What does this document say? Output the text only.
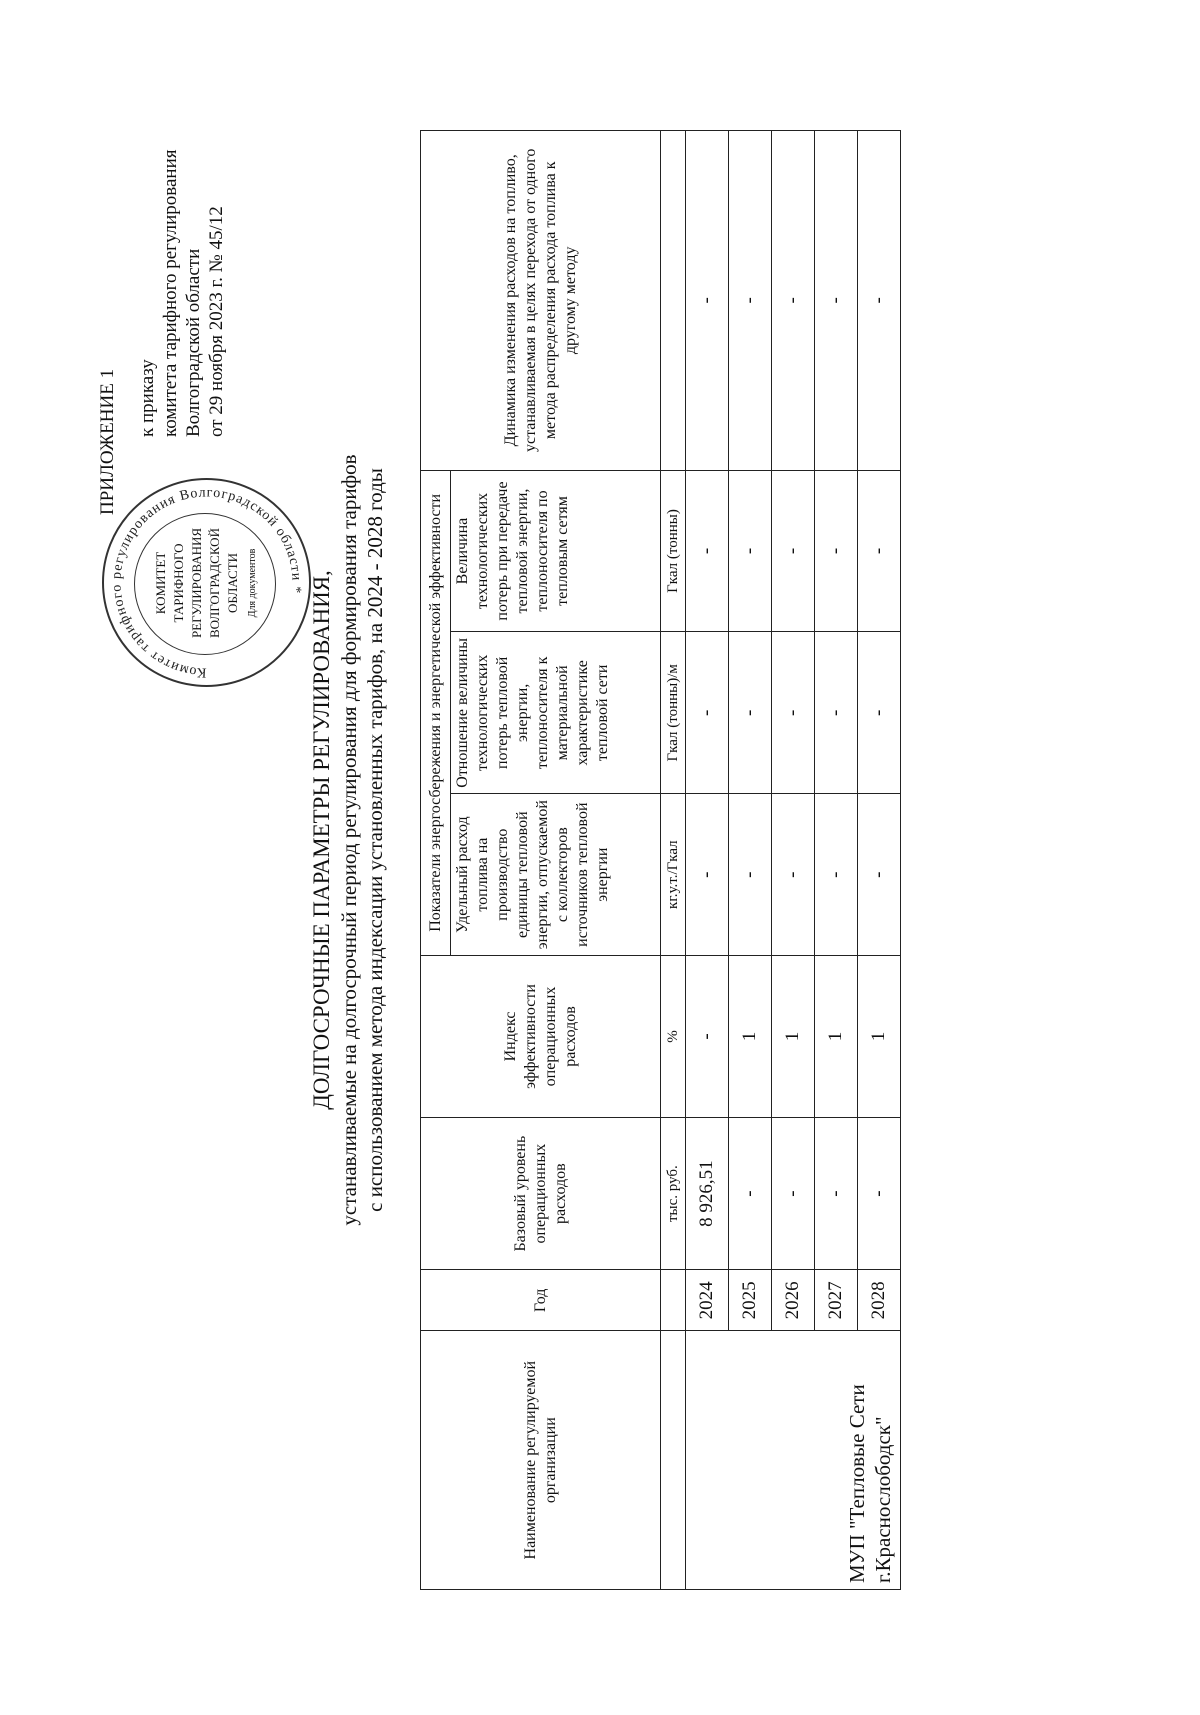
ПРИЛОЖЕНИЕ 1 к приказу комитета тарифного регулирования Волгоградской области от 29 ноября 2023 г. № 45/12
Комитет тарифного регулирования Волгоградской области *
КОМИТЕТ ТАРИФНОГО РЕГУЛИРОВАНИЯ ВОЛГОГРАДСКОЙ ОБЛАСТИ Для документов ДОЛГОСРОЧНЫЕ ПАРАМЕТРЫ РЕГУЛИРОВАНИЯ, устанавливаемые на долгосрочный период регулирования для формирования тарифов с использованием метода индексации установленных тарифов, на 2024 - 2028 годы
Наименование регулируемой организации	Год	Базовый уровень операционных расходов	Индекс эффективности операционных расходов	Показатели энергосбережения и энергетической эффективности			Динамика изменения расходов на топливо, устанавливаемая в целях перехода от одного метода распределения расхода топлива к другому методу
				Удельный расход топлива на производство единицы тепловой энергии, отпускаемой с коллекторов источников тепловой энергии	Отношение величины технологических потерь тепловой энергии, теплоносителя к материальной характеристике тепловой сети	Величина технологических потерь при передаче тепловой энергии, теплоносителя по тепловым сетям	
		тыс. руб.	%	кг.у.т./Гкал	Гкал (тонны)/м	Гкал (тонны)	
МУП "Тепловые Сети г.Краснослободск"	2024	8 926,51	-	-	-	-	-
	2025	-	1	-	-	-	-
	2026	-	1	-	-	-	-
	2027	-	1	-	-	-	-
	2028	-	1	-	-	-	-
